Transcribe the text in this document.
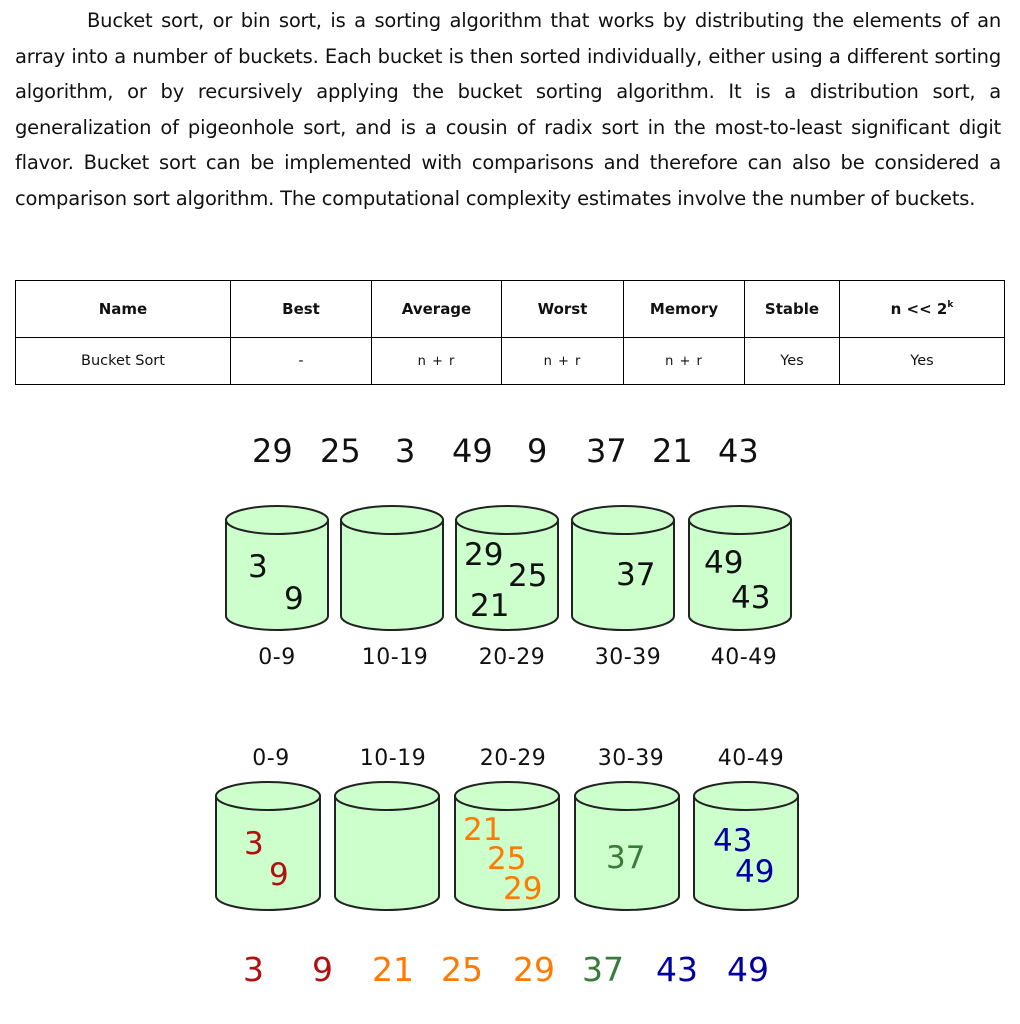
Bucket sort, or bin sort, is a sorting algorithm that works by distributing the elements of an array into a number of buckets. Each bucket is then sorted individually, either using a different sorting algorithm, or by recursively applying the bucket sorting algorithm. It is a distribution sort, a generalization of pigeonhole sort, and is a cousin of radix sort in the most-to-least significant digit flavor. Bucket sort can be implemented with comparisons and therefore can also be considered a comparison sort algorithm. The computational complexity estimates involve the number of buckets.

Name	Best	Average	Worst	Memory	Stable	$n << 2^k$
Bucket Sort	-	n + r	n + r	n + r	Yes	Yes
29 25 3 49 9 37 21 43
3
9
29
25
21
37 49
43
0-9	10-19	20-29	30-39	40-49
0-9	10-19	20-29	30-39	40-49
3
9
21
25
29
37 43
49
3 9 21 25 29 37 43 49
